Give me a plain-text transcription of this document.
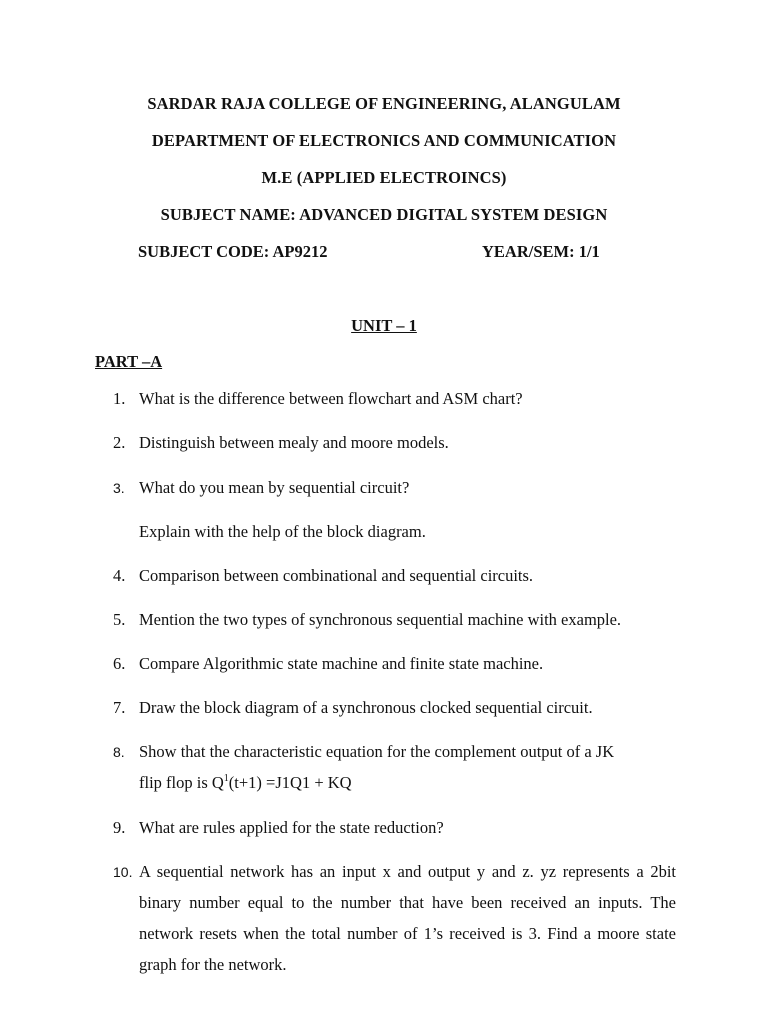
SARDAR RAJA COLLEGE OF ENGINEERING, ALANGULAM
DEPARTMENT OF ELECTRONICS AND COMMUNICATION
M.E (APPLIED ELECTROINCS)
SUBJECT NAME: ADVANCED DIGITAL SYSTEM DESIGN
SUBJECT CODE: AP9212	YEAR/SEM: 1/1
UNIT – 1
PART –A
1. What is the difference between flowchart and ASM chart?
2. Distinguish between mealy and moore models.
3. What do you mean by sequential circuit?
Explain with the help of the block diagram.
4. Comparison between combinational and sequential circuits.
5. Mention the two types of synchronous sequential machine with example.
6. Compare Algorithmic state machine and finite state machine.
7. Draw the block diagram of a synchronous clocked sequential circuit.
8. Show that the characteristic equation for the complement output of a JK
flip flop is $Q^1(t+1) =J1Q1$ + KQ
9. What are rules applied for the state reduction?
10. A sequential network has an input x and output y and z. yz represents a 2bit binary number equal to the number that have been received an inputs. The network resets when the total number of 1’s received is 3. Find a moore state graph for the network.
